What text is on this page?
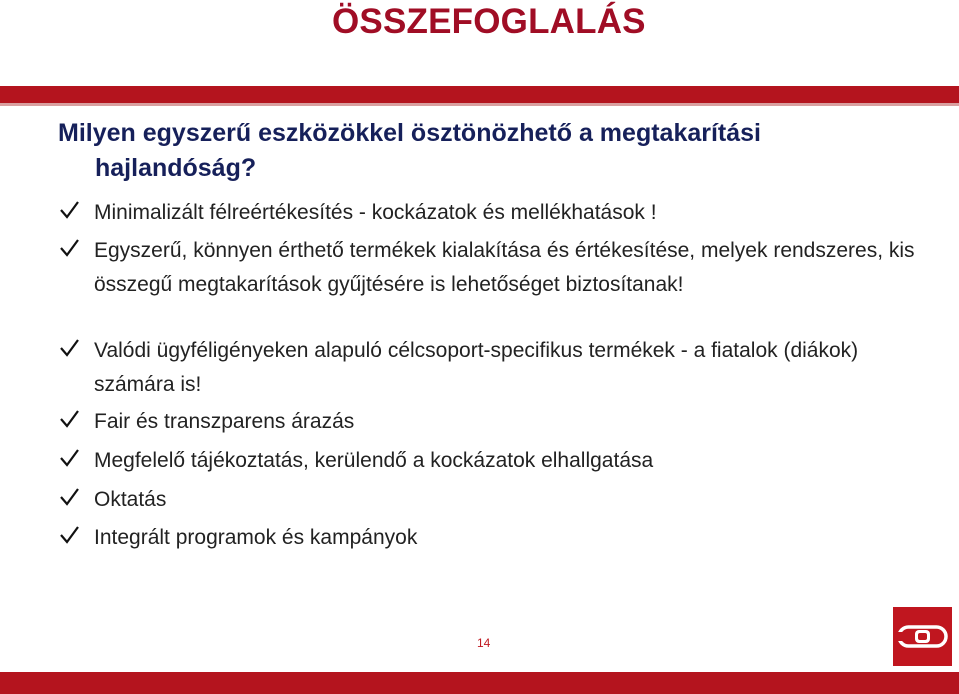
ÖSSZEFOGLALÁS
Milyen egyszerű eszközökkel ösztönözhető a megtakarítási
hajlandóság?
Minimalizált félreértékesítés - kockázatok és mellékhatások !
Egyszerű, könnyen érthető termékek kialakítása és értékesítése, melyek rendszeres, kis összegű megtakarítások gyűjtésére is lehetőséget biztosítanak!
Valódi ügyféligényeken alapuló célcsoport-specifikus termékek - a fiatalok (diákok) számára is!
Fair és transzparens árazás
Megfelelő tájékoztatás, kerülendő a kockázatok elhallgatása
Oktatás
Integrált programok és kampányok
14
